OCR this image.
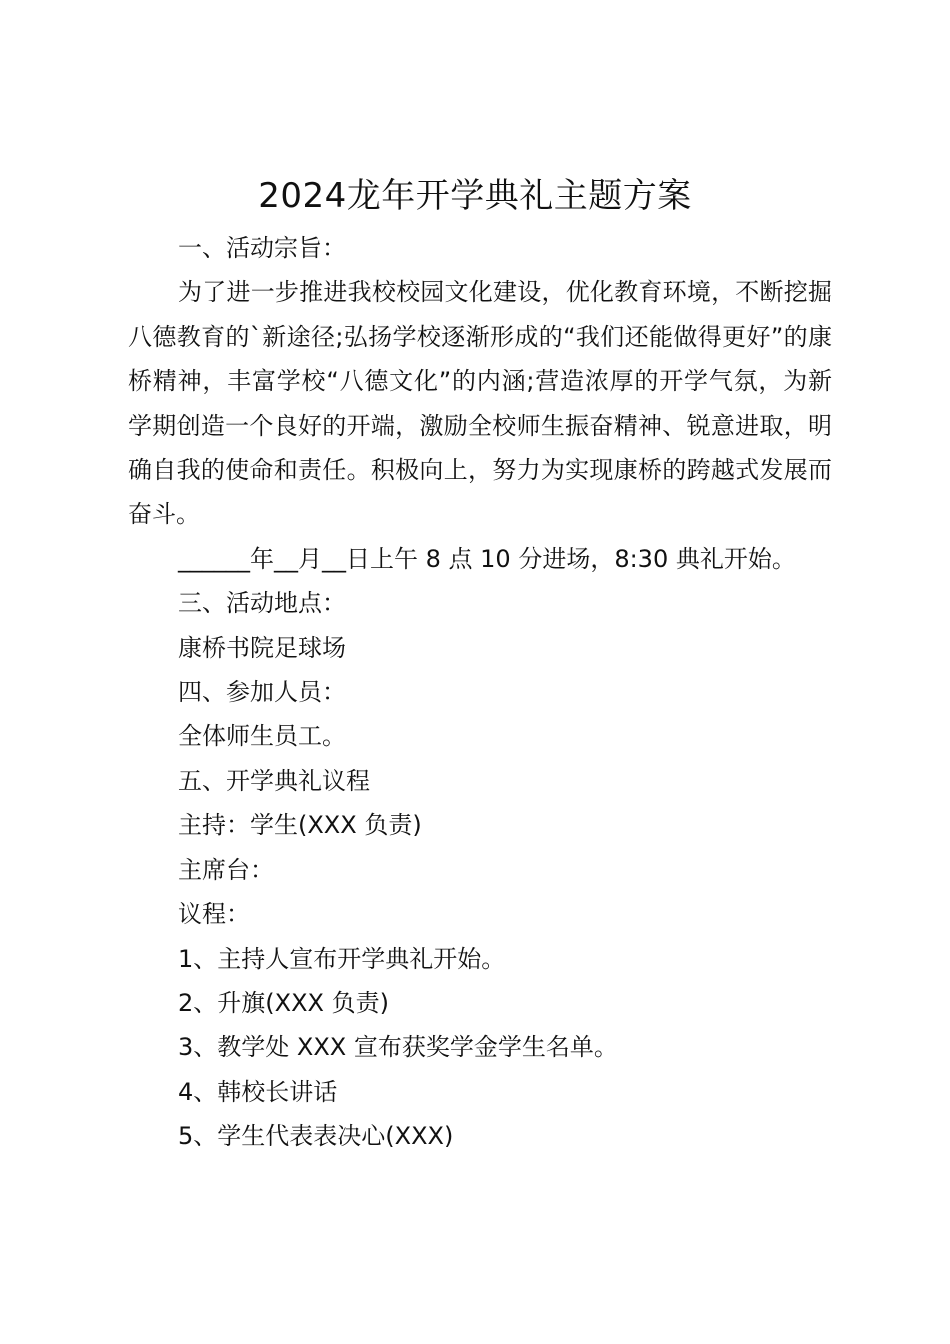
2024龙年开学典礼主题方案
一、活动宗旨：
为了进一步推进我校校园文化建设，优化教育环境，不断挖掘八德教育的`新途径;弘扬学校逐渐形成的“我们还能做得更好”的康桥精神，丰富学校“八德文化”的内涵;营造浓厚的开学气氛，为新学期创造一个良好的开端，激励全校师生振奋精神、锐意进取，明确自我的使命和责任。积极向上，努力为实现康桥的跨越式发展而奋斗。
______年__月__日上午 8 点 10 分进场，8:30 典礼开始。
三、活动地点：
康桥书院足球场
四、参加人员：
全体师生员工。
五、开学典礼议程
主持：学生(XXX 负责)
主席台：
议程：
1、主持人宣布开学典礼开始。
2、升旗(XXX 负责)
3、教学处 XXX 宣布获奖学金学生名单。
4、韩校长讲话
5、学生代表表决心(XXX)
